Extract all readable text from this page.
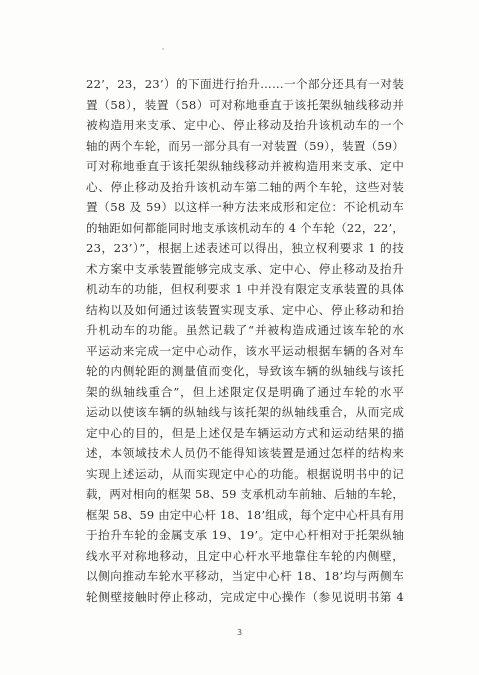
22’，23，23’）的下面进行抬升……一个部分还具有一对装
置（58），装置（58）可对称地垂直于该托架纵轴线移动并
被构造用来支承、定中心、停止移动及抬升该机动车的一个
轴的两个车轮，而另一部分具有一对装置（59），装置（59）
可对称地垂直于该托架纵轴线移动并被构造用来支承、定中
心、停止移动及抬升该机动车第二轴的两个车轮，这些对装
置（58 及 59）以这样一种方法来成形和定位：不论机动车
的轴距如何都能同时地支承该机动车的 4 个车轮（22，22’，
23，23’）”，根据上述表述可以得出，独立权利要求 1 的技
术方案中支承装置能够完成支承、定中心、停止移动及抬升
机动车的功能，但权利要求 1 中并没有限定支承装置的具体
结构以及如何通过该装置实现支承、定中心、停止移动和抬
升机动车的功能。虽然记载了“并被构造成通过该车轮的水
平运动来完成一定中心动作，该水平运动根据车辆的各对车
轮的内侧轮距的测量值而变化，导致该车辆的纵轴线与该托
架的纵轴线重合”，但上述限定仅是明确了通过车轮的水平
运动以使该车辆的纵轴线与该托架的纵轴线重合，从而完成
定中心的目的，但是上述仅是车辆运动方式和运动结果的描
述，本领域技术人员仍不能得知该装置是通过怎样的结构来
实现上述运动，从而实现定中心的功能。根据说明书中的记
载，两对相向的框架 58、59 支承机动车前轴、后轴的车轮，
框架 58、59 由定中心杆 18、18’组成，每个定中心杆具有用
于抬升车轮的金属支承 19、19’。定中心杆相对于托架纵轴
线水平对称地移动，且定中心杆水平地靠住车轮的内侧壁，
以侧向推动车轮水平移动，当定中心杆 18、18’均与两侧车
轮侧壁接触时停止移动，完成定中心操作（参见说明书第 4
3
